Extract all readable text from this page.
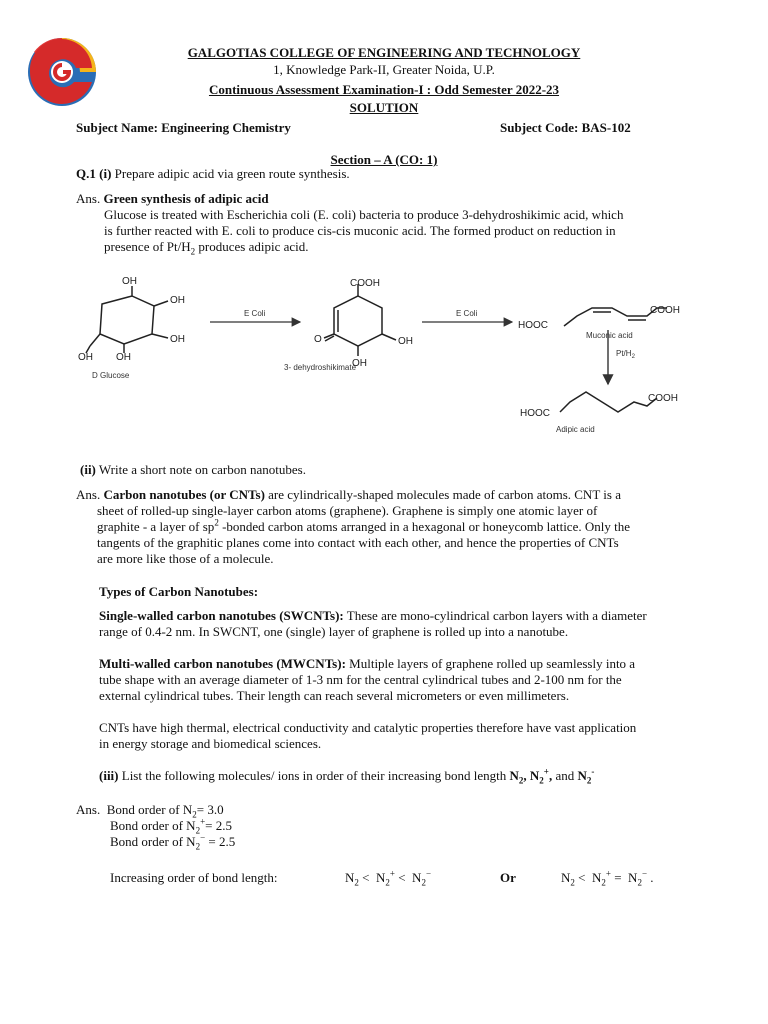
GALGOTIAS COLLEGE OF ENGINEERING AND TECHNOLOGY
1, Knowledge Park-II, Greater Noida, U.P.
Continuous Assessment Examination-I : Odd Semester 2022-23
SOLUTION
Subject Name: Engineering Chemistry	Subject Code: BAS-102
Section – A (CO: 1)
Q.1 (i) Prepare adipic acid via green route synthesis.
Ans. Green synthesis of adipic acid
Glucose is treated with Escherichia coli (E. coli) bacteria to produce 3-dehydroshikimic acid, which
is further reacted with E. coli to produce cis-cis muconic acid. The formed product on reduction in
presence of $Pt/H_2$ produces adipic acid.
OH
OH
OH
OH
OH
COOH
O	OH
OH
HOOC
COOH
HOOC
COOH
E Coli	E Coli
D Glucose
3- dehydroshikimate
Muconic acid
$Pt/H_2$
Adipic acid
(ii) Write a short note on carbon nanotubes.
Ans. Carbon nanotubes (or CNTs) are cylindrically-shaped molecules made of carbon atoms. CNT is a
sheet of rolled-up single-layer carbon atoms (graphene). Graphene is simply one atomic layer of
graphite - a layer of $sp^2$ -bonded carbon atoms arranged in a hexagonal or honeycomb lattice. Only the
tangents of the graphitic planes come into contact with each other, and hence the properties of CNTs
are more like those of a molecule.
Types of Carbon Nanotubes:
Single-walled carbon nanotubes (SWCNTs): These are mono-cylindrical carbon layers with a diameter
range of 0.4-2 nm. In SWCNT, one (single) layer of graphene is rolled up into a nanotube.
Multi-walled carbon nanotubes (MWCNTs): Multiple layers of graphene rolled up seamlessly into a
tube shape with an average diameter of 1-3 nm for the central cylindrical tubes and 2-100 nm for the
external cylindrical tubes. Their length can reach several micrometers or even millimeters.
CNTs have high thermal, electrical conductivity and catalytic properties therefore have vast application
in energy storage and biomedical sciences.
(iii) List the following molecules/ ions in order of their increasing bond length $N_2$, $N_2^+$, and $N_2^-$
Ans. Bond order of $N_2= 3.0$
Bond order of $N_2^+= 2.5$
Bond order of $N_2^- = 2.5$
Increasing order of bond length:	$N_2 < N_2^+ < N_2^-$	Or	$N_2 < N_2^+ = N_2^-$ .
